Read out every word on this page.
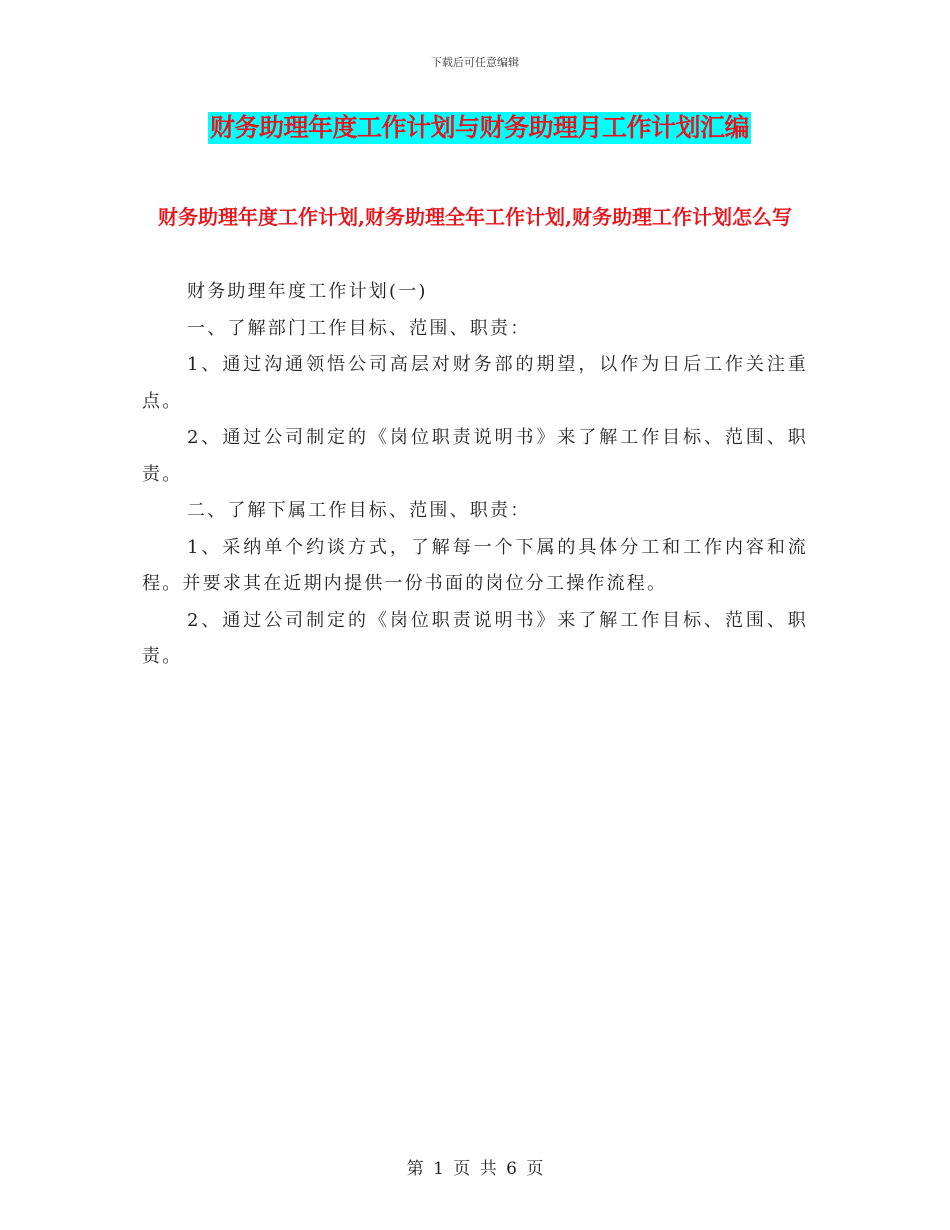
下载后可任意编辑
财务助理年度工作计划与财务助理月工作计划汇编
财务助理年度工作计划,财务助理全年工作计划,财务助理工作计划怎么写

财务助理年度工作计划(一)

一、了解部门工作目标、范围、职责：

1、通过沟通领悟公司高层对财务部的期望，以作为日后工作关注重点。

2、通过公司制定的《岗位职责说明书》来了解工作目标、范围、职责。

二、了解下属工作目标、范围、职责：

1、采纳单个约谈方式，了解每一个下属的具体分工和工作内容和流程。并要求其在近期内提供一份书面的岗位分工操作流程。

2、通过公司制定的《岗位职责说明书》来了解工作目标、范围、职责。

第 1 页 共 6 页
